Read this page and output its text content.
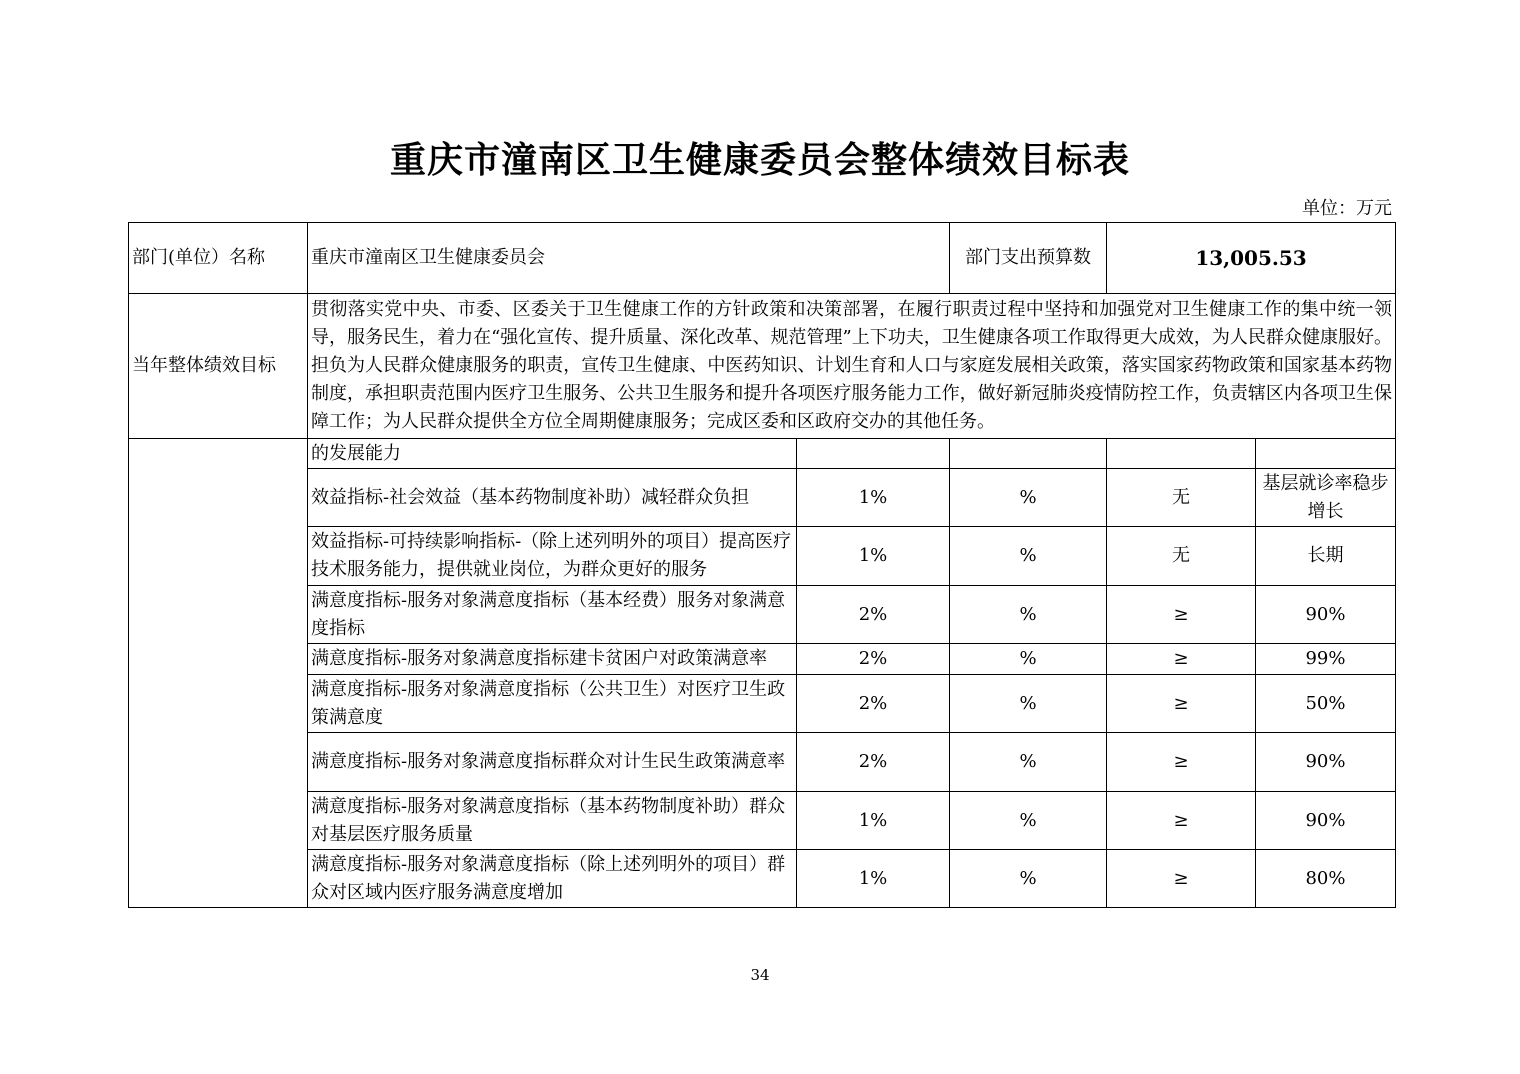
重庆市潼南区卫生健康委员会整体绩效目标表
单位：万元
部门(单位）名称	重庆市潼南区卫生健康委员会		部门支出预算数	13,005.53	
当年整体绩效目标	贯彻落实党中央、市委、区委关于卫生健康工作的方针政策和决策部署，在履行职责过程中坚持和加强党对卫生健康工作的集中统一领导，服务民生，着力在“强化宣传、提升质量、深化改革、规范管理”上下功夫，卫生健康各项工作取得更大成效，为人民群众健康服好。担负为人民群众健康服务的职责，宣传卫生健康、中医药知识、计划生育和人口与家庭发展相关政策，落实国家药物政策和国家基本药物制度，承担职责范围内医疗卫生服务、公共卫生服务和提升各项医疗服务能力工作，做好新冠肺炎疫情防控工作，负责辖区内各项卫生保障工作；为人民群众提供全方位全周期健康服务；完成区委和区政府交办的其他任务。				
	的发展能力				
	效益指标-社会效益（基本药物制度补助）减轻群众负担	1%	%	无	基层就诊率稳步增长
	效益指标-可持续影响指标-（除上述列明外的项目）提高医疗技术服务能力，提供就业岗位，为群众更好的服务	1%	%	无	长期
	满意度指标-服务对象满意度指标（基本经费）服务对象满意度指标	2%	%	≥	90%
	满意度指标-服务对象满意度指标建卡贫困户对政策满意率	2%	%	≥	99%
	满意度指标-服务对象满意度指标（公共卫生）对医疗卫生政策满意度	2%	%	≥	50%
	满意度指标-服务对象满意度指标群众对计生民生政策满意率	2%	%	≥	90%
	满意度指标-服务对象满意度指标（基本药物制度补助）群众对基层医疗服务质量	1%	%	≥	90%
	满意度指标-服务对象满意度指标（除上述列明外的项目）群众对区域内医疗服务满意度增加	1%	%	≥	80%
34
